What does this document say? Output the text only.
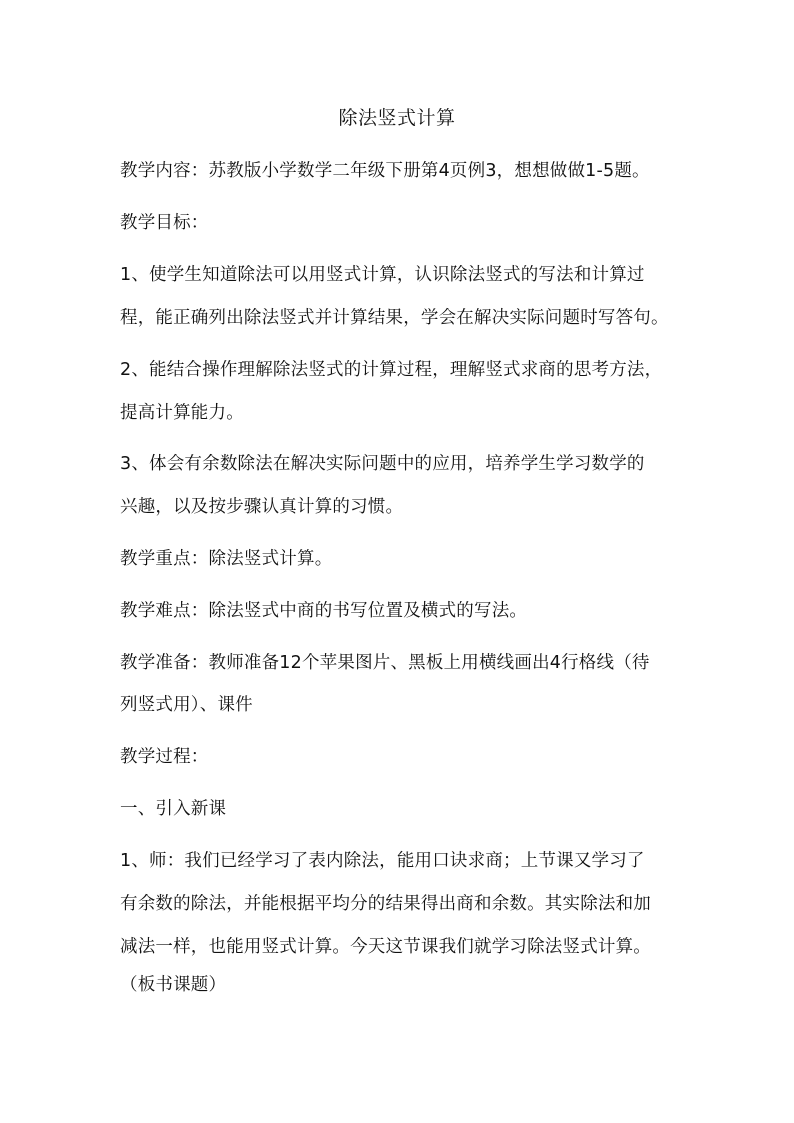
除法竖式计算
教学内容：苏教版小学数学二年级下册第4页例3，想想做做1-5题。
教学目标：
1、使学生知道除法可以用竖式计算，认识除法竖式的写法和计算过
程，能正确列出除法竖式并计算结果，学会在解决实际问题时写答句。
2、能结合操作理解除法竖式的计算过程，理解竖式求商的思考方法，
提高计算能力。
3、体会有余数除法在解决实际问题中的应用，培养学生学习数学的
兴趣，以及按步骤认真计算的习惯。
教学重点：除法竖式计算。
教学难点：除法竖式中商的书写位置及横式的写法。
教学准备：教师准备12个苹果图片、黑板上用横线画出4行格线（待
列竖式用）、课件
教学过程：
一、引入新课
1、师：我们已经学习了表内除法，能用口诀求商；上节课又学习了
有余数的除法，并能根据平均分的结果得出商和余数。其实除法和加
减法一样，也能用竖式计算。今天这节课我们就学习除法竖式计算。
（板书课题）
